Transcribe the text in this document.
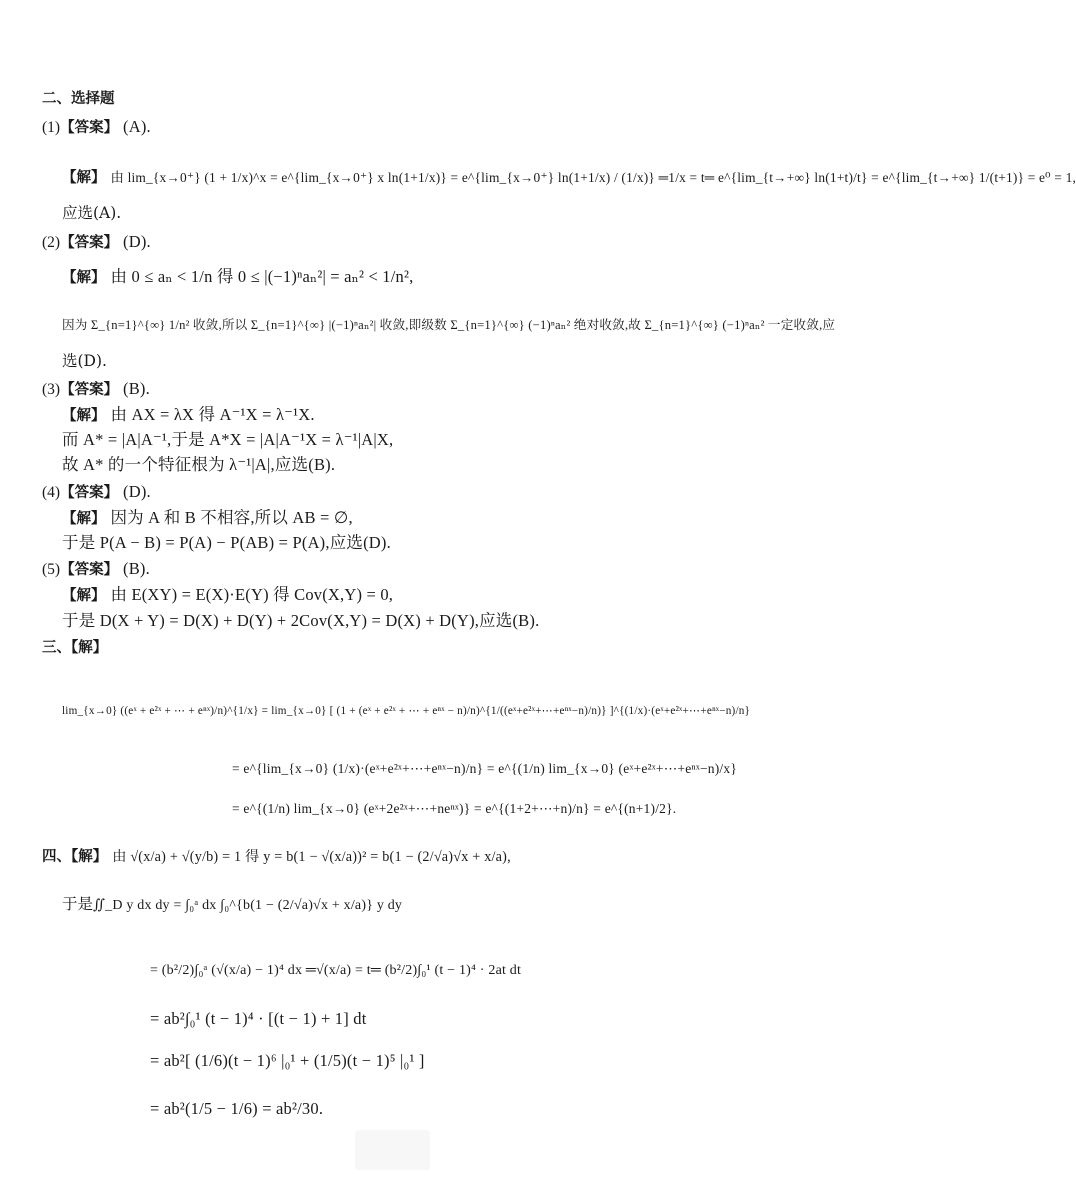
二、选择题
(1)【答案】 (A).
【解】 由 lim_{x→0⁺} (1 + 1/x)^x = e^{lim_{x→0⁺} x ln(1+1/x)} = e^{lim_{x→0⁺} ln(1+1/x) / (1/x)} ═1/x = t═ e^{lim_{t→+∞} ln(1+t)/t} = e^{lim_{t→+∞} 1/(t+1)} = e⁰ = 1,
应选(A).
(2)【答案】 (D).
【解】 由 0 ≤ aₙ < 1/n 得 0 ≤ |(−1)ⁿaₙ²| = aₙ² < 1/n²,
因为 Σ_{n=1}^{∞} 1/n² 收敛,所以 Σ_{n=1}^{∞} |(−1)ⁿaₙ²| 收敛,即级数 Σ_{n=1}^{∞} (−1)ⁿaₙ² 绝对收敛,故 Σ_{n=1}^{∞} (−1)ⁿaₙ² 一定收敛,应
选(D).
(3)【答案】 (B).
【解】 由 AX = λX 得 A⁻¹X = λ⁻¹X.
而 A* = |A|A⁻¹,于是 A*X = |A|A⁻¹X = λ⁻¹|A|X,
故 A* 的一个特征根为 λ⁻¹|A|,应选(B).
(4)【答案】 (D).
【解】 因为 A 和 B 不相容,所以 AB = ∅,
于是 P(A − B) = P(A) − P(AB) = P(A),应选(D).
(5)【答案】 (B).
【解】 由 E(XY) = E(X)·E(Y) 得 Cov(X,Y) = 0,
于是 D(X + Y) = D(X) + D(Y) + 2Cov(X,Y) = D(X) + D(Y),应选(B).
三、【解】
lim_{x→0} ((eˣ + e²ˣ + ⋯ + eⁿˣ)/n)^{1/x} = lim_{x→0} [ (1 + (eˣ + e²ˣ + ⋯ + eⁿˣ − n)/n)^{1/((eˣ+e²ˣ+⋯+eⁿˣ−n)/n)} ]^{(1/x)·(eˣ+e²ˣ+⋯+eⁿˣ−n)/n}
= e^{lim_{x→0} (1/x)·(eˣ+e²ˣ+⋯+eⁿˣ−n)/n} = e^{(1/n) lim_{x→0} (eˣ+e²ˣ+⋯+eⁿˣ−n)/x}
= e^{(1/n) lim_{x→0} (eˣ+2e²ˣ+⋯+neⁿˣ)} = e^{(1+2+⋯+n)/n} = e^{(n+1)/2}.
四、【解】 由 √(x/a) + √(y/b) = 1 得 y = b(1 − √(x/a))² = b(1 − (2/√a)√x + x/a),
于是∬_D y dx dy = ∫₀ᵃ dx ∫₀^{b(1 − (2/√a)√x + x/a)} y dy
= (b²/2)∫₀ᵃ (√(x/a) − 1)⁴ dx ═√(x/a) = t═ (b²/2)∫₀¹ (t − 1)⁴ · 2at dt
= ab²∫₀¹ (t − 1)⁴ · [(t − 1) + 1] dt
= ab²[ (1/6)(t − 1)⁶ |₀¹ + (1/5)(t − 1)⁵ |₀¹ ]
= ab²(1/5 − 1/6) = ab²/30.
